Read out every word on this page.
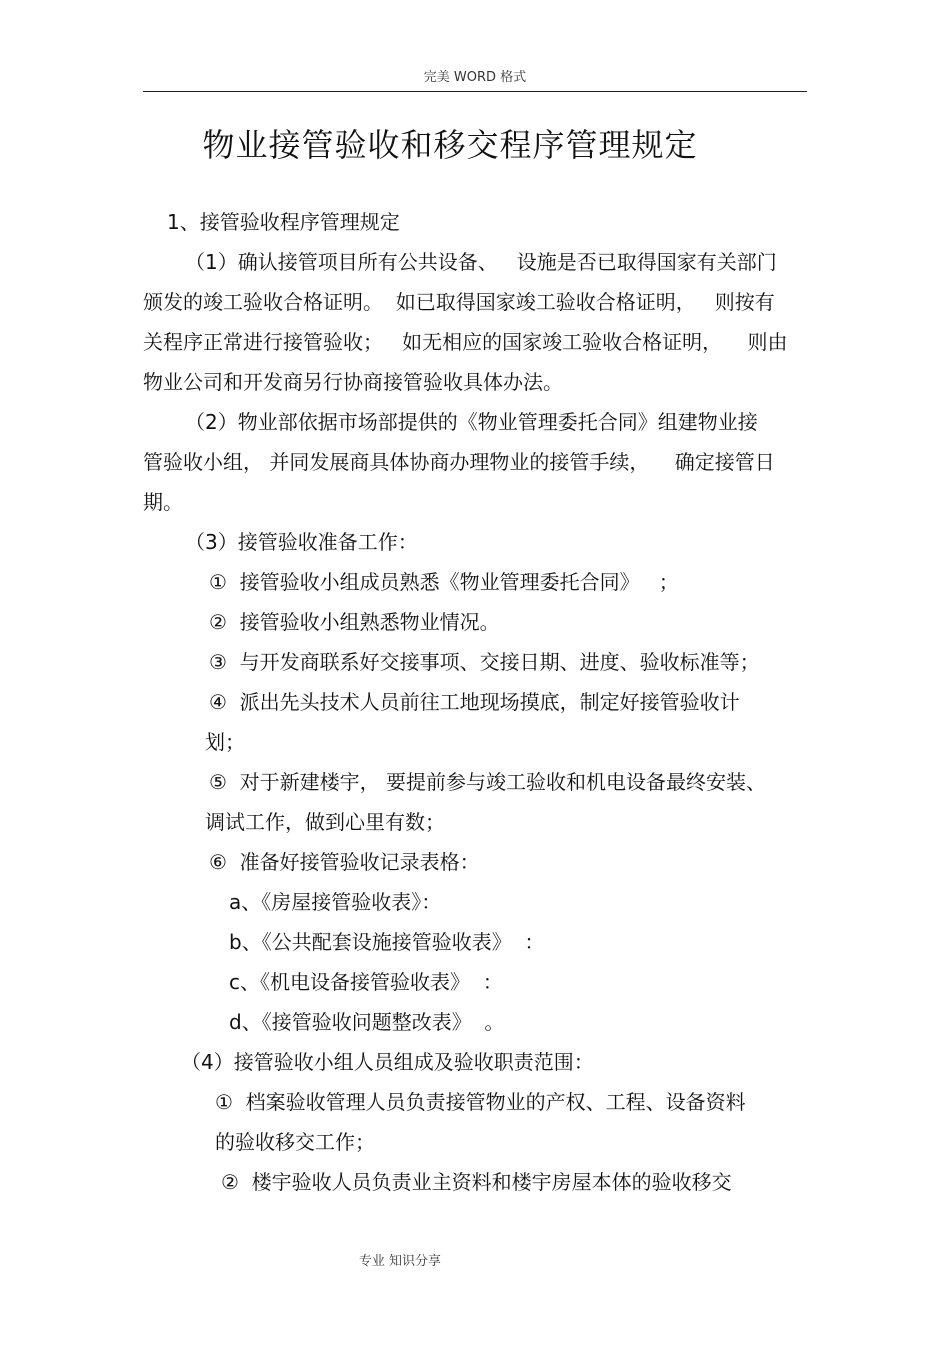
完美 WORD 格式
物业接管验收和移交程序管理规定
1、接管验收程序管理规定
（1）确认接管项目所有公共设备、   设施是否已取得国家有关部门
颁发的竣工验收合格证明。  如已取得国家竣工验收合格证明，   则按有
关程序正常进行接管验收；   如无相应的国家竣工验收合格证明，    则由
物业公司和开发商另行协商接管验收具体办法。
（2）物业部依据市场部提供的《物业管理委托合同》组建物业接
管验收小组， 并同发展商具体协商办理物业的接管手续，    确定接管日
期。
（3）接管验收准备工作：
①  接管验收小组成员熟悉《物业管理委托合同》   ；
②  接管验收小组熟悉物业情况。
③  与开发商联系好交接事项、交接日期、进度、验收标准等；
④  派出先头技术人员前往工地现场摸底，制定好接管验收计
划；
⑤  对于新建楼宇， 要提前参与竣工验收和机电设备最终安装、
调试工作，做到心里有数；
⑥  准备好接管验收记录表格：
a、《房屋接管验收表》：
b、《公共配套设施接管验收表》  ：
c、《机电设备接管验收表》  ：
d、《接管验收问题整改表》  。
（4）接管验收小组人员组成及验收职责范围：
①  档案验收管理人员负责接管物业的产权、工程、设备资料
的验收移交工作；
②  楼宇验收人员负责业主资料和楼宇房屋本体的验收移交
专业 知识分享
